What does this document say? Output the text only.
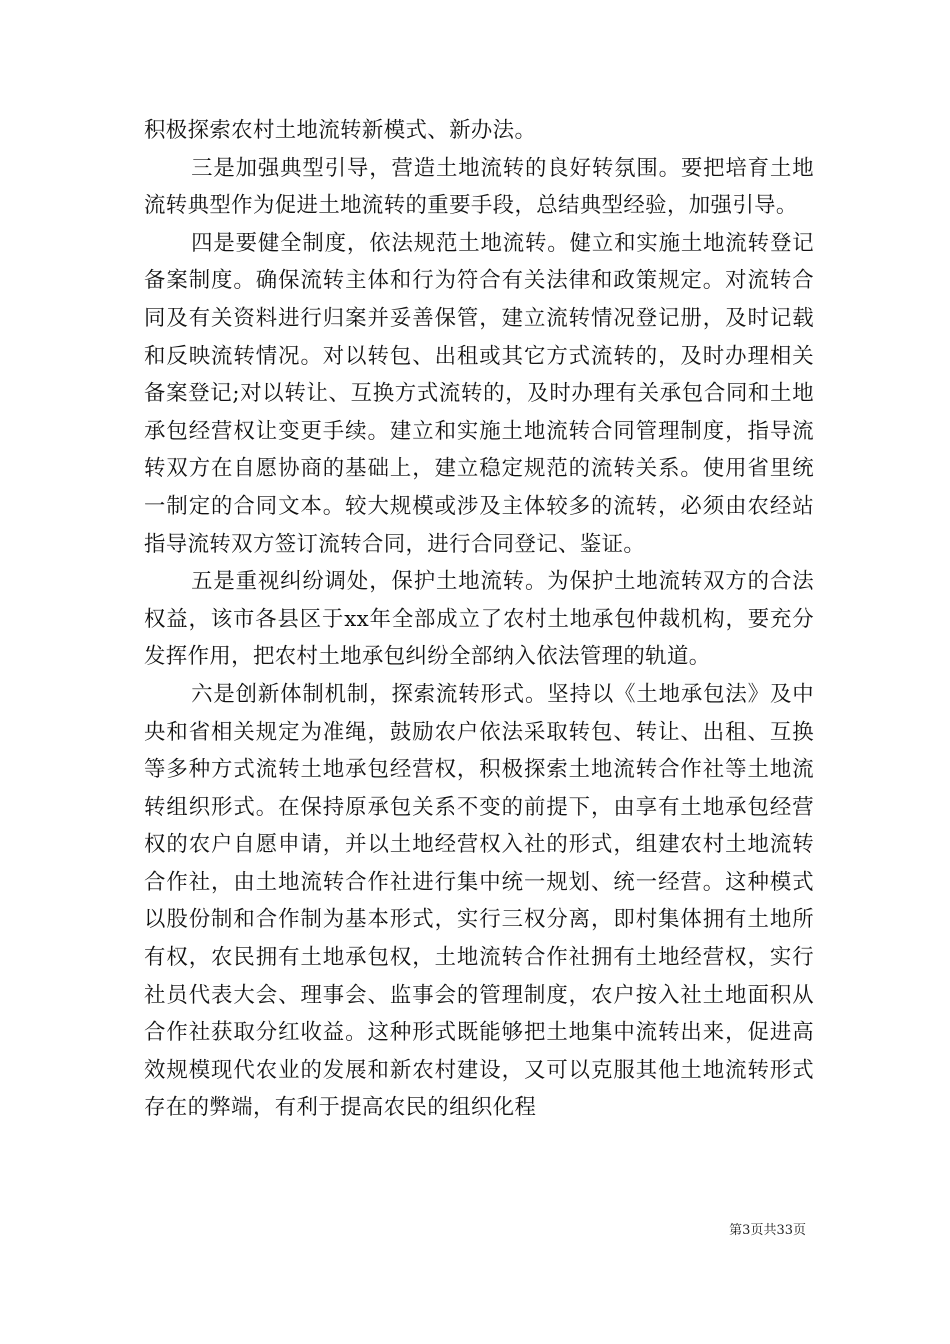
积极探索农村土地流转新模式、新办法。

三是加强典型引导，营造土地流转的良好转氛围。要把培育土地流转典型作为促进土地流转的重要手段，总结典型经验，加强引导。

四是要健全制度，依法规范土地流转。健立和实施土地流转登记备案制度。确保流转主体和行为符合有关法律和政策规定。对流转合同及有关资料进行归案并妥善保管，建立流转情况登记册，及时记载和反映流转情况。对以转包、出租或其它方式流转的，及时办理相关备案登记;对以转让、互换方式流转的，及时办理有关承包合同和土地承包经营权让变更手续。建立和实施土地流转合同管理制度，指导流转双方在自愿协商的基础上，建立稳定规范的流转关系。使用省里统一制定的合同文本。较大规模或涉及主体较多的流转，必须由农经站指导流转双方签订流转合同，进行合同登记、鉴证。

五是重视纠纷调处，保护土地流转。为保护土地流转双方的合法权益，该市各县区于xx年全部成立了农村土地承包仲裁机构，要充分发挥作用，把农村土地承包纠纷全部纳入依法管理的轨道。

六是创新体制机制，探索流转形式。坚持以《土地承包法》及中央和省相关规定为准绳，鼓励农户依法采取转包、转让、出租、互换等多种方式流转土地承包经营权，积极探索土地流转合作社等土地流转组织形式。在保持原承包关系不变的前提下，由享有土地承包经营权的农户自愿申请，并以土地经营权入社的形式，组建农村土地流转合作社，由土地流转合作社进行集中统一规划、统一经营。这种模式以股份制和合作制为基本形式，实行三权分离，即村集体拥有土地所有权，农民拥有土地承包权，土地流转合作社拥有土地经营权，实行社员代表大会、理事会、监事会的管理制度，农户按入社土地面积从合作社获取分红收益。这种形式既能够把土地集中流转出来，促进高效规模现代农业的发展和新农村建设，又可以克服其他土地流转形式存在的弊端，有利于提高农民的组织化程

第3页共33页
